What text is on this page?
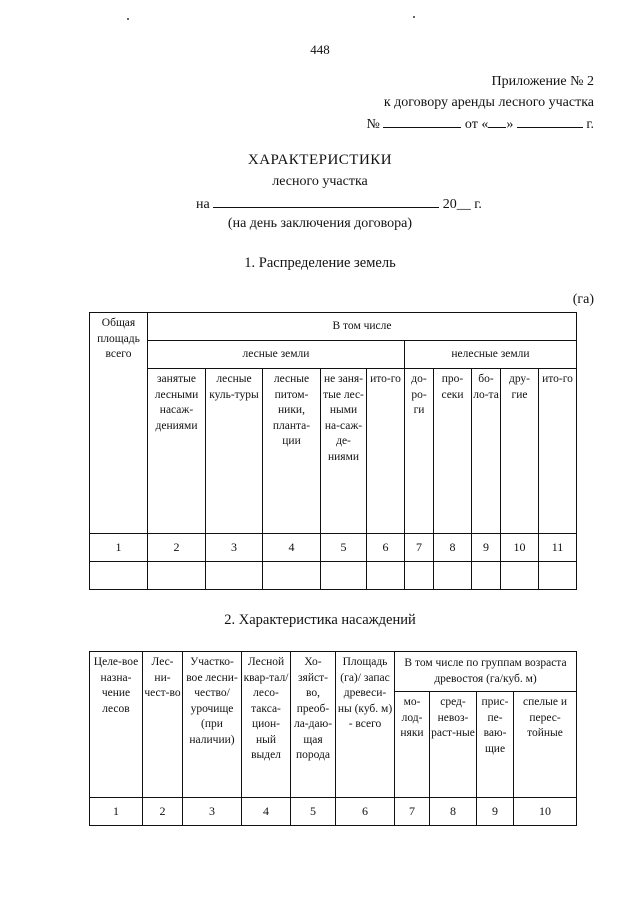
448
Приложение № 2
к договору аренды лесного участка
№	от « »	г.
ХАРАКТЕРИСТИКИ
лесного участка
на	20__ г.
(на день заключения договора)
1. Распределение земель
(га)
Общая площадь всего	В том числе									
	лесные земли					нелесные земли				
	занятые лесными насаж-дениями	лесные куль-туры	лесные питом-ники, планта-ции	не заня-тые лес-ными на-саж-де-ниями	ито-го	до-ро-ги	про-секи	бо-ло-та	дру-гие	ито-го
1	2	3	4	5	6	7	8	9	10	11

2. Характеристика насаждений
Целе-вое назна-чение лесов	Лес-ни-чест-во	Участко-вое лесни-чество/ урочище (при наличии)	Лесной квар-тал/ лесо-такса-цион-ный выдел	Хо-зяйст-во, преоб-ла-даю-щая порода	Площадь (га)/ запас древеси-ны (куб. м) - всего	В том числе по группам возраста древостоя (га/куб. м)			
						мо-лод-няки	сред-невоз-раст-ные	прис-пе-ваю-щие	спелые и перес-тойные
1	2	3	4	5	6	7	8	9	10
